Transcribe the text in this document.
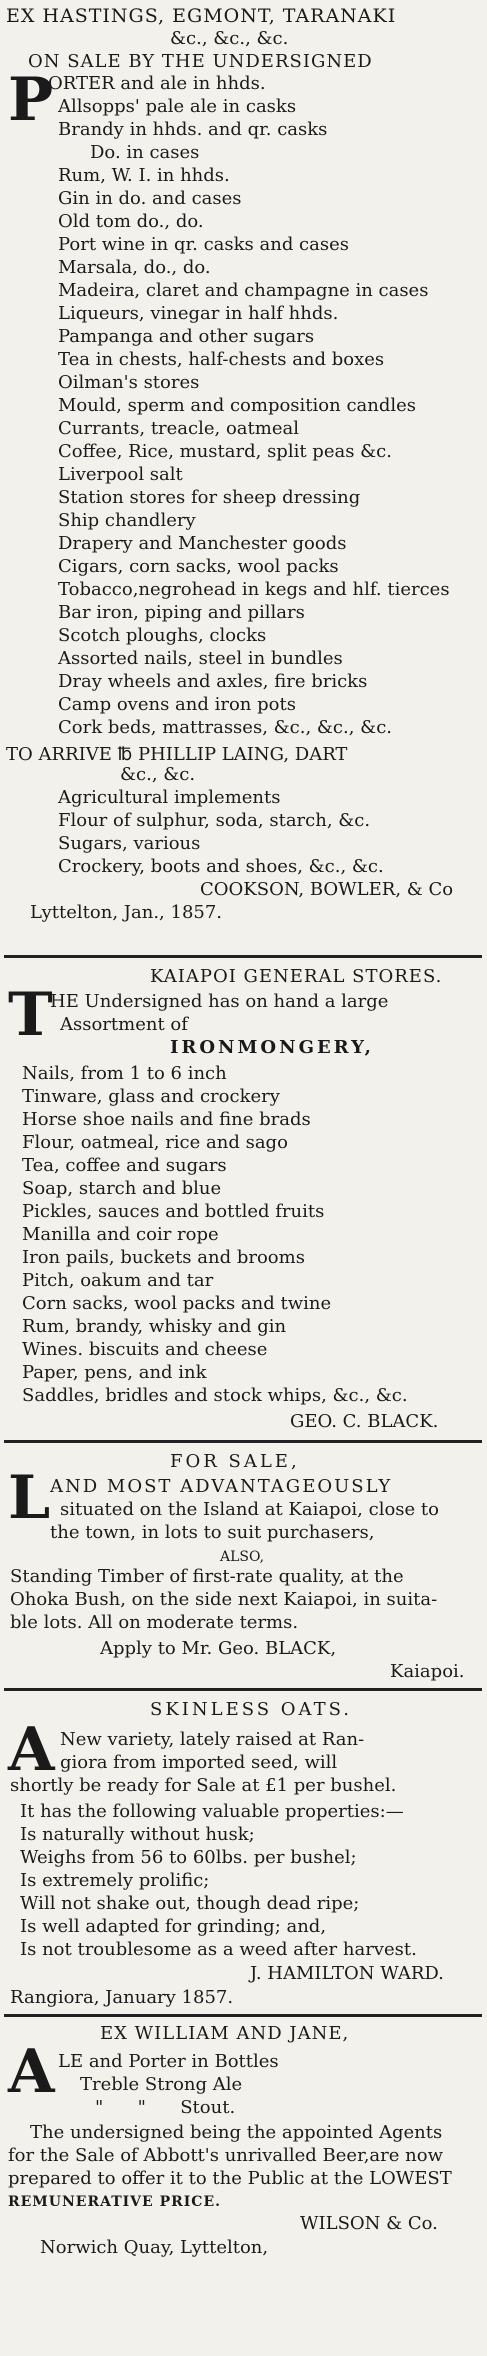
EX HASTINGS, EGMONT, TARANAKI
&c., &c., &c.
ON SALE BY THE UNDERSIGNED
P
ORTER and ale in hhds.
Allsopps' pale ale in casks
Brandy in hhds. and qr. casks
Do. in cases
Rum, W. I. in hhds.
Gin in do. and cases
Old tom do., do.
Port wine in qr. casks and cases
Marsala, do., do.
Madeira, claret and champagne in cases
Liqueurs, vinegar in half hhds.
Pampanga and other sugars
Tea in chests, half-chests and boxes
Oilman's stores
Mould, sperm and composition candles
Currants, treacle, oatmeal
Coffee, Rice, mustard, split peas &c.
Liverpool salt
Station stores for sheep dressing
Ship chandlery
Drapery and Manchester goods
Cigars, corn sacks, wool packs
Tobacco,negrohead in kegs and hlf. tierces
Bar iron, piping and pillars
Scotch ploughs, clocks
Assorted nails, steel in bundles
Dray wheels and axles, fire bricks
Camp ovens and iron pots
Cork beds, mattrasses, &c., &c., &c.
TO ARRIVE ℔ PHILLIP LAING, DART
&c., &c.
Agricultural implements
Flour of sulphur, soda, starch, &c.
Sugars, various
Crockery, boots and shoes, &c., &c.
COOKSON, BOWLER, & Co
Lyttelton, Jan., 1857.
KAIAPOI GENERAL STORES.
T
HE Undersigned has on hand a large
Assortment of
IRONMONGERY,
Nails, from 1 to 6 inch
Tinware, glass and crockery
Horse shoe nails and fine brads
Flour, oatmeal, rice and sago
Tea, coffee and sugars
Soap, starch and blue
Pickles, sauces and bottled fruits
Manilla and coir rope
Iron pails, buckets and brooms
Pitch, oakum and tar
Corn sacks, wool packs and twine
Rum, brandy, whisky and gin
Wines. biscuits and cheese
Paper, pens, and ink
Saddles, bridles and stock whips, &c., &c.
GEO. C. BLACK.
FOR SALE,
L AND MOST ADVANTAGEOUSLY
situated on the Island at Kaiapoi, close to
the town, in lots to suit purchasers,
ALSO,
Standing Timber of first-rate quality, at the
Ohoka Bush, on the side next Kaiapoi, in suita-
ble lots. All on moderate terms.
Apply to Mr. Geo. BLACK,
Kaiapoi.
SKINLESS OATS.
A New variety, lately raised at Ran-
giora from imported seed, will
shortly be ready for Sale at £1 per bushel.
It has the following valuable properties:—
Is naturally without husk;
Weighs from 56 to 60lbs. per bushel;
Is extremely prolific;
Will not shake out, though dead ripe;
Is well adapted for grinding; and,
Is not troublesome as a weed after harvest.
J. HAMILTON WARD.
Rangiora, January 1857.
EX WILLIAM AND JANE,
A LE and Porter in Bottles
Treble Strong Ale
"      "      Stout.
The undersigned being the appointed Agents
for the Sale of Abbott's unrivalled Beer,are now
prepared to offer it to the Public at the LOWEST
REMUNERATIVE PRICE.
WILSON & Co.
Norwich Quay, Lyttelton,
